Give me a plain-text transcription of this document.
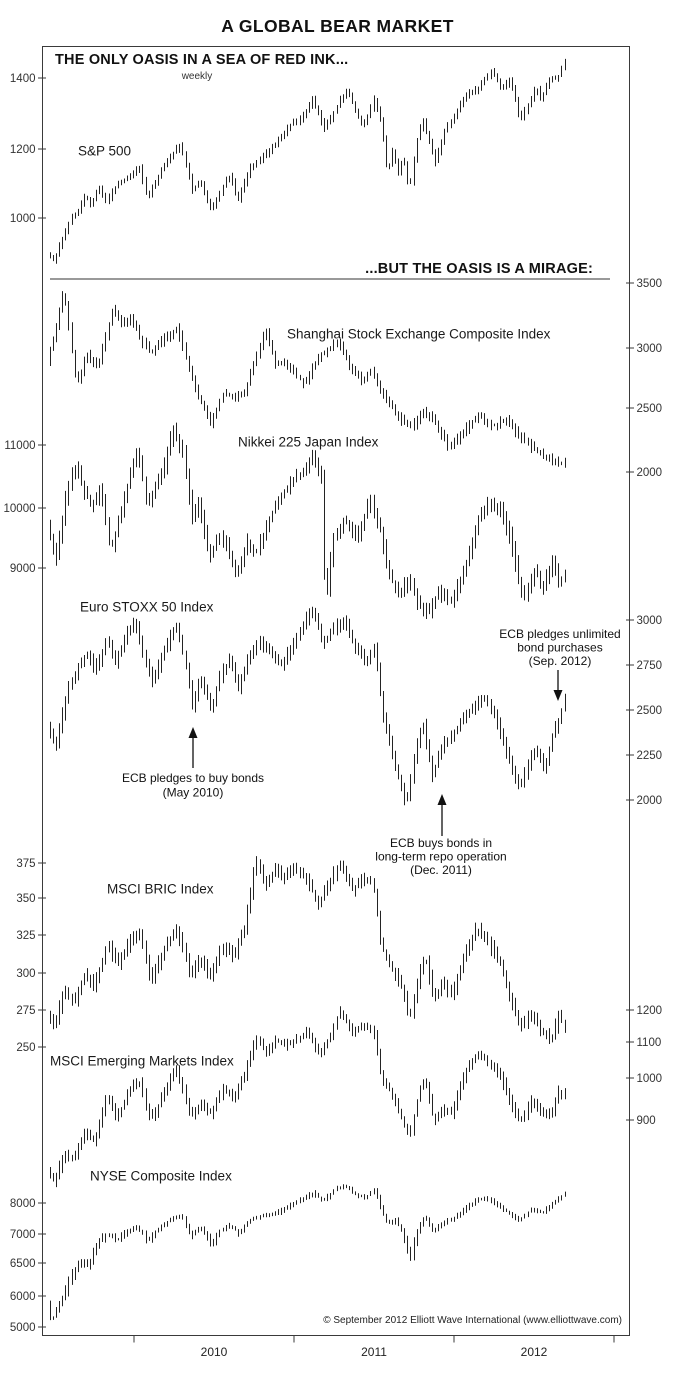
A GLOBAL BEAR MARKET
THE ONLY OASIS IN A SEA OF RED INK...
weekly
...BUT THE OASIS IS A MIRAGE:
© September 2012 Elliott Wave International (www.elliottwave.com)
1000
1200
1400
S&P 500
2000
2500
3000
3500
Shanghai Stock Exchange Composite Index
9000
10000
11000	Nikkei 225 Japan Index
2000
2250
2500
2750
3000
Euro STOXX 50 Index
250
275
300
325
350
375
MSCI BRIC Index
900
1000
1100
1200
MSCI Emerging Markets Index
5000
6000
6500
7000
8000
NYSE Composite Index
2010	2011	2012
ECB pledges to buy bonds
(May 2010)
ECB buys bonds in
long-term repo operation
(Dec. 2011)
ECB pledges unlimited
bond purchases
(Sep. 2012)
